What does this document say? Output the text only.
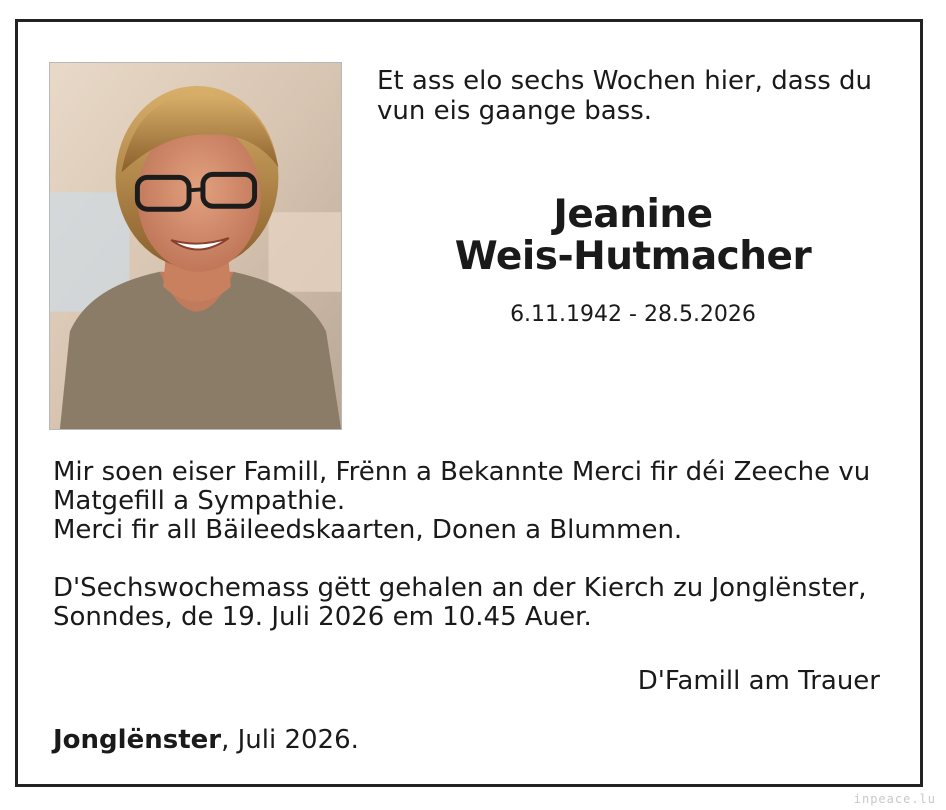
Et ass elo sechs Wochen hier, dass du vun eis gaange bass.

Jeanine

Weis-Hutmacher

6.11.1942 - 28.5.2026
Mir soen eiser Famill, Frënn a Bekannte Merci fir déi Zeeche vu Matgefill a Sympathie.
Merci fir all Bäileedskaarten, Donen a Blummen.
D'Sechswochemass gëtt gehalen an der Kierch zu Jonglënster, Sonndes, de 19. Juli 2026 em 10.45 Auer.
D'Famill am Trauer
Jonglënster, Juli 2026.
inpeace.lu
